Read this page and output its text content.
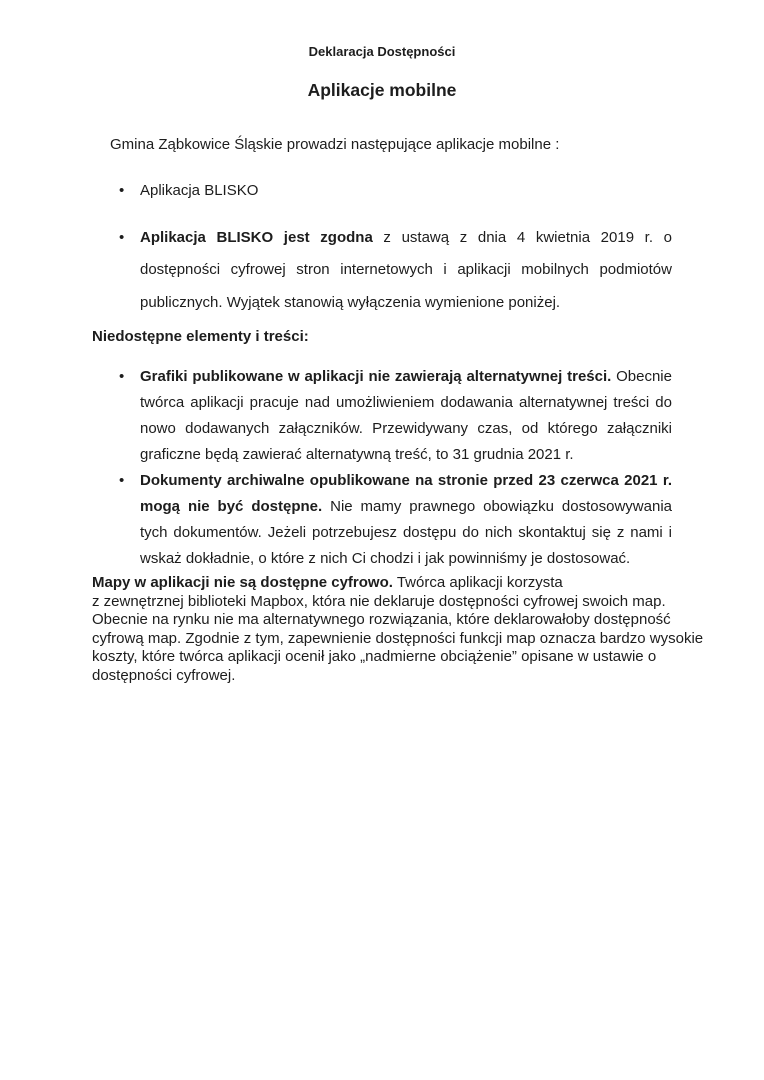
Deklaracja Dostępności
Aplikacje mobilne
Gmina Ząbkowice Śląskie prowadzi następujące aplikacje mobilne :
• Aplikacja BLISKO
• Aplikacja BLISKO jest zgodna z ustawą z dnia 4 kwietnia 2019 r. o dostępności cyfrowej stron internetowych i aplikacji mobilnych podmiotów publicznych. Wyjątek stanowią wyłączenia wymienione poniżej.
Niedostępne elementy i treści:
• Grafiki publikowane w aplikacji nie zawierają alternatywnej treści. Obecnie twórca aplikacji pracuje nad umożliwieniem dodawania alternatywnej treści do nowo dodawanych załączników. Przewidywany czas, od którego załączniki graficzne będą zawierać alternatywną treść, to 31 grudnia 2021 r.
• Dokumenty archiwalne opublikowane na stronie przed 23 czerwca 2021 r. mogą nie być dostępne. Nie mamy prawnego obowiązku dostosowywania tych dokumentów. Jeżeli potrzebujesz dostępu do nich skontaktuj się z nami i wskaż dokładnie, o które z nich Ci chodzi i jak powinniśmy je dostosować.
Mapy w aplikacji nie są dostępne cyfrowo. Twórca aplikacji korzysta
z zewnętrznej biblioteki Mapbox, która nie deklaruje dostępności cyfrowej swoich map.
Obecnie na rynku nie ma alternatywnego rozwiązania, które deklarowałoby dostępność
cyfrową map. Zgodnie z tym, zapewnienie dostępności funkcji map oznacza bardzo wysokie
koszty, które twórca aplikacji ocenił jako „nadmierne obciążenie” opisane w ustawie o
dostępności cyfrowej.
